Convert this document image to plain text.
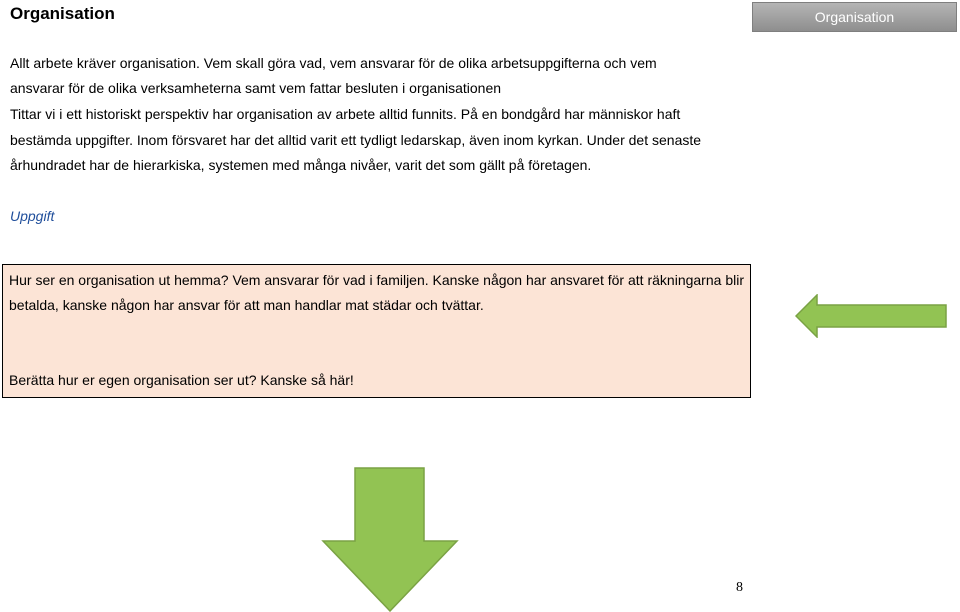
Organisation	Organisation

Allt arbete kräver organisation. Vem skall göra vad, vem ansvarar för de olika arbetsuppgifterna och vem

ansvarar för de olika verksamheterna samt vem fattar besluten i organisationen

Tittar vi i ett historiskt perspektiv har organisation av arbete alltid funnits. På en bondgård har människor haft bestämda uppgifter. Inom försvaret har det alltid varit ett tydligt ledarskap, även inom kyrkan. Under det senaste århundradet har de hierarkiska, systemen med många nivåer, varit det som gällt på företagen.

Uppgift

Hur ser en organisation ut hemma? Vem ansvarar för vad i familjen. Kanske någon har ansvaret för att räkningarna blir betalda, kanske någon har ansvar för att man handlar mat städar och tvättar.

Berätta hur er egen organisation ser ut? Kanske så här!

8
